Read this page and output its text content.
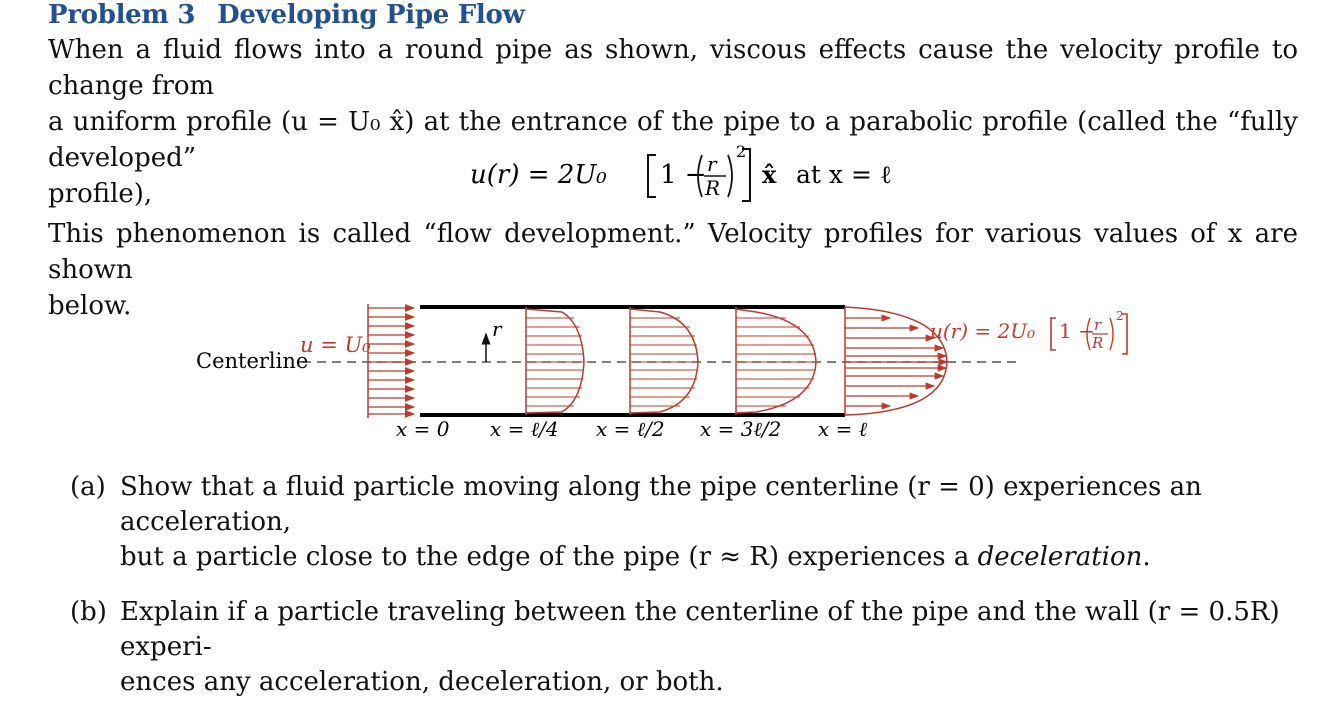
Problem 3 Developing Pipe Flow
When a fluid flows into a round pipe as shown, viscous effects cause the velocity profile to change from
a uniform profile (u = U₀ x̂) at the entrance of the pipe to a parabolic profile (called the “fully developed”
profile),
u(r) = 2U₀ 1 − r
R
2
x̂ at x = ℓ
This phenomenon is called “flow development.” Velocity profiles for various values of x are shown
below.
Centerline
u = U₀
r	u(r) = 2U₀ 1 − r
R
2
x = 0 x = ℓ/4 x = ℓ/2 x = 3ℓ/2 x = ℓ
(a) Show that a fluid particle moving along the pipe centerline (r = 0) experiences an acceleration,
but a particle close to the edge of the pipe (r ≈ R) experiences a deceleration.
(b) Explain if a particle traveling between the centerline of the pipe and the wall (r = 0.5R) experi-
ences any acceleration, deceleration, or both.
